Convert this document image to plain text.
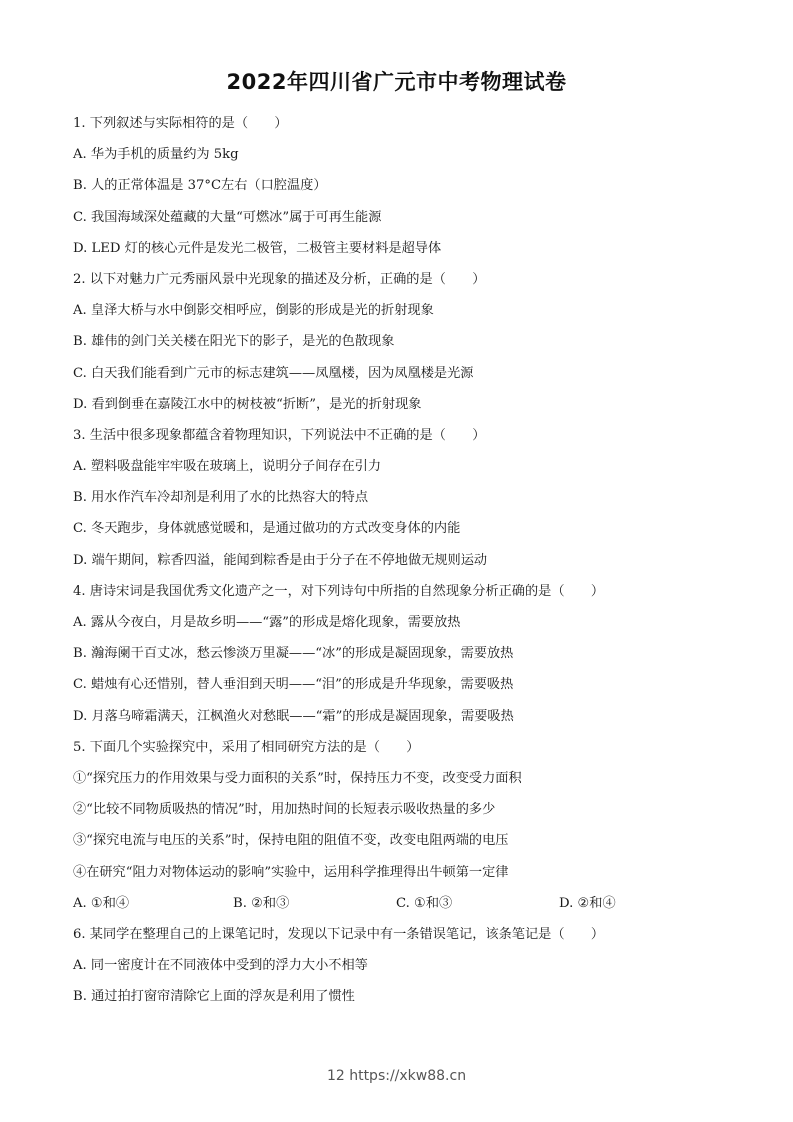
2022年四川省广元市中考物理试卷
1. 下列叙述与实际相符的是（　　）
A. 华为手机的质量约为 5kg
B. 人的正常体温是 37°C左右（口腔温度）
C. 我国海域深处蕴藏的大量“可燃冰”属于可再生能源
D. LED 灯的核心元件是发光二极管，二极管主要材料是超导体
2. 以下对魅力广元秀丽风景中光现象的描述及分析，正确的是（　　）
A. 皇泽大桥与水中倒影交相呼应，倒影的形成是光的折射现象
B. 雄伟的剑门关关楼在阳光下的影子，是光的色散现象
C. 白天我们能看到广元市的标志建筑——凤凰楼，因为凤凰楼是光源
D. 看到倒垂在嘉陵江水中的树枝被“折断”，是光的折射现象
3. 生活中很多现象都蕴含着物理知识，下列说法中不正确的是（　　）
A. 塑料吸盘能牢牢吸在玻璃上，说明分子间存在引力
B. 用水作汽车冷却剂是利用了水的比热容大的特点
C. 冬天跑步，身体就感觉暖和，是通过做功的方式改变身体的内能
D. 端午期间，粽香四溢，能闻到粽香是由于分子在不停地做无规则运动
4. 唐诗宋词是我国优秀文化遗产之一，对下列诗句中所指的自然现象分析正确的是（　　）
A. 露从今夜白，月是故乡明——“露”的形成是熔化现象，需要放热
B. 瀚海阑干百丈冰，愁云惨淡万里凝——“冰”的形成是凝固现象，需要放热
C. 蜡烛有心还惜别，替人垂泪到天明——“泪”的形成是升华现象，需要吸热
D. 月落乌啼霜满天，江枫渔火对愁眠——“霜”的形成是凝固现象，需要吸热
5. 下面几个实验探究中，采用了相同研究方法的是（　　）
①“探究压力的作用效果与受力面积的关系”时，保持压力不变，改变受力面积
②“比较不同物质吸热的情况”时，用加热时间的长短表示吸收热量的多少
③“探究电流与电压的关系”时，保持电阻的阻值不变，改变电阻两端的电压
④在研究“阻力对物体运动的影响”实验中，运用科学推理得出牛顿第一定律
A. ①和④	B. ②和③	C. ①和③	D. ②和④
6. 某同学在整理自己的上课笔记时，发现以下记录中有一条错误笔记，该条笔记是（　　）
A. 同一密度计在不同液体中受到的浮力大小不相等
B. 通过拍打窗帘清除它上面的浮灰是利用了惯性
12 https://xkw88.cn
